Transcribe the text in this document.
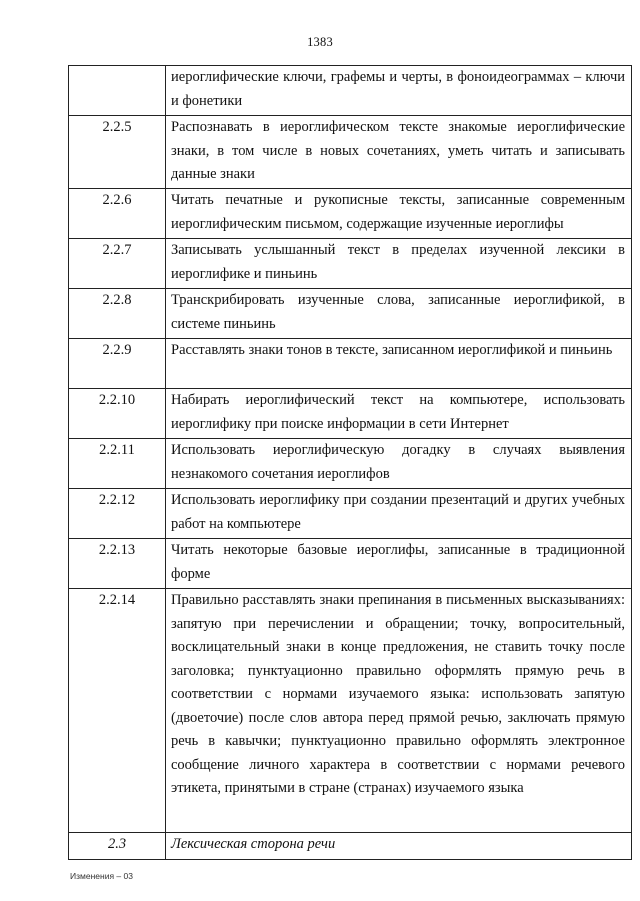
1383
	иероглифические ключи, графемы и черты, в фоноидеограммах – ключи и фонетики
2.2.5	Распознавать в иероглифическом тексте знакомые иероглифические знаки, в том числе в новых сочетаниях, уметь читать и записывать данные знаки
2.2.6	Читать печатные и рукописные тексты, записанные современным иероглифическим письмом, содержащие изученные иероглифы
2.2.7	Записывать услышанный текст в пределах изученной лексики в иероглифике и пиньинь
2.2.8	Транскрибировать изученные слова, записанные иероглификой, в системе пиньинь
2.2.9	Расставлять знаки тонов в тексте, записанном иероглификой и пиньинь
2.2.10	Набирать иероглифический текст на компьютере, использовать иероглифику при поиске информации в сети Интернет
2.2.11	Использовать иероглифическую догадку в случаях выявления незнакомого сочетания иероглифов
2.2.12	Использовать иероглифику при создании презентаций и других учебных работ на компьютере
2.2.13	Читать некоторые базовые иероглифы, записанные в традиционной форме
2.2.14	Правильно расставлять знаки препинания в письменных высказываниях: запятую при перечислении и обращении; точку, вопросительный, восклицательный знаки в конце предложения, не ставить точку после заголовка; пунктуационно правильно оформлять прямую речь в соответствии с нормами изучаемого языка: использовать запятую (двоеточие) после слов автора перед прямой речью, заключать прямую речь в кавычки; пунктуационно правильно оформлять электронное сообщение личного характера в соответствии с нормами речевого этикета, принятыми в стране (странах) изучаемого языка
2.3	Лексическая сторона речи
Изменения – 03
